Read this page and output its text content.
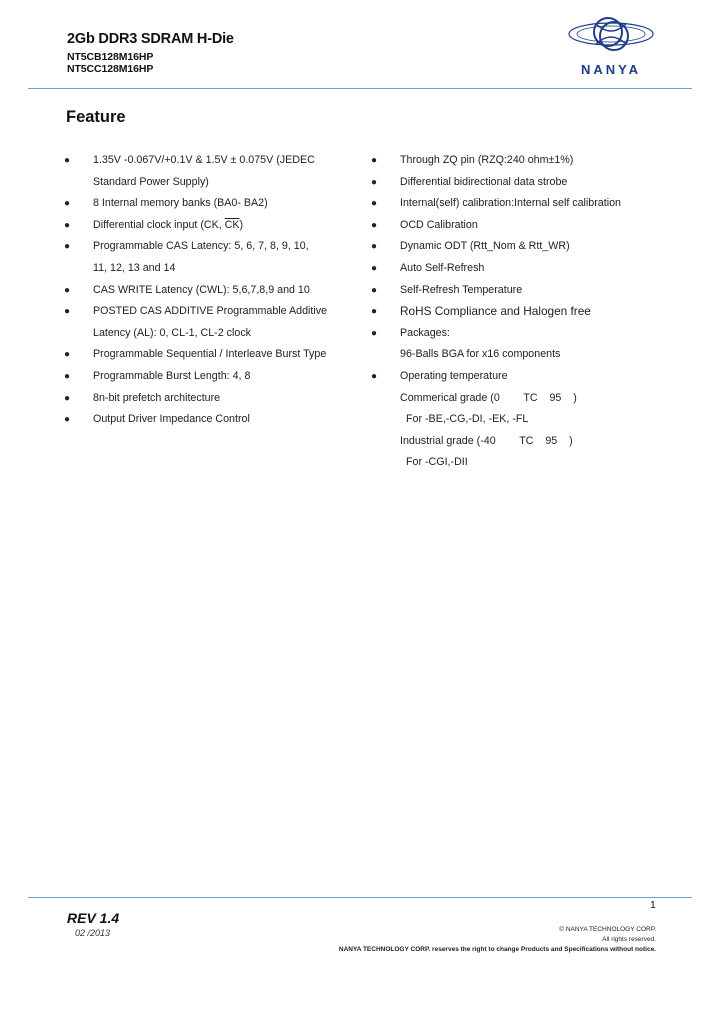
2Gb DDR3 SDRAM H-Die
NT5CB128M16HP
NT5CC128M16HP	NANYA
Feature
●	1.35V -0.067V/+0.1V & 1.5V ± 0.075V (JEDEC
Standard Power Supply)
●	8 Internal memory banks (BA0- BA2)
●	Differential clock input (CK, $\overline{CK}$)
●	Programmable CAS Latency: 5, 6, 7, 8, 9, 10,
11, 12, 13 and 14
●	CAS WRITE Latency (CWL): 5,6,7,8,9 and 10
●	POSTED CAS ADDITIVE Programmable Additive
Latency (AL): 0, CL-1, CL-2 clock
●	Programmable Sequential / Interleave Burst Type
●	Programmable Burst Length: 4, 8
●	8n-bit prefetch architecture
●	Output Driver Impedance Control
●	Through ZQ pin (RZQ:240 ohm±1%)
●	Differential bidirectional data strobe
●	Internal(self) calibration:Internal self calibration
●	OCD Calibration
●	Dynamic ODT (Rtt_Nom & Rtt_WR)
●	Auto Self-Refresh
●	Self-Refresh Temperature
●	RoHS Compliance and Halogen free
●	Packages:
96-Balls BGA for x16 components
●	Operating temperature
Commerical grade (0        TC    95    )
For -BE,-CG,-DI, -EK, -FL
Industrial grade (-40        TC    95    )
For -CGI,-DII
1
REV 1.4
02 /2013	© NANYA TECHNOLOGY CORP.
All rights reserved.
NANYA TECHNOLOGY CORP. reserves the right to change Products and Specifications without notice.
